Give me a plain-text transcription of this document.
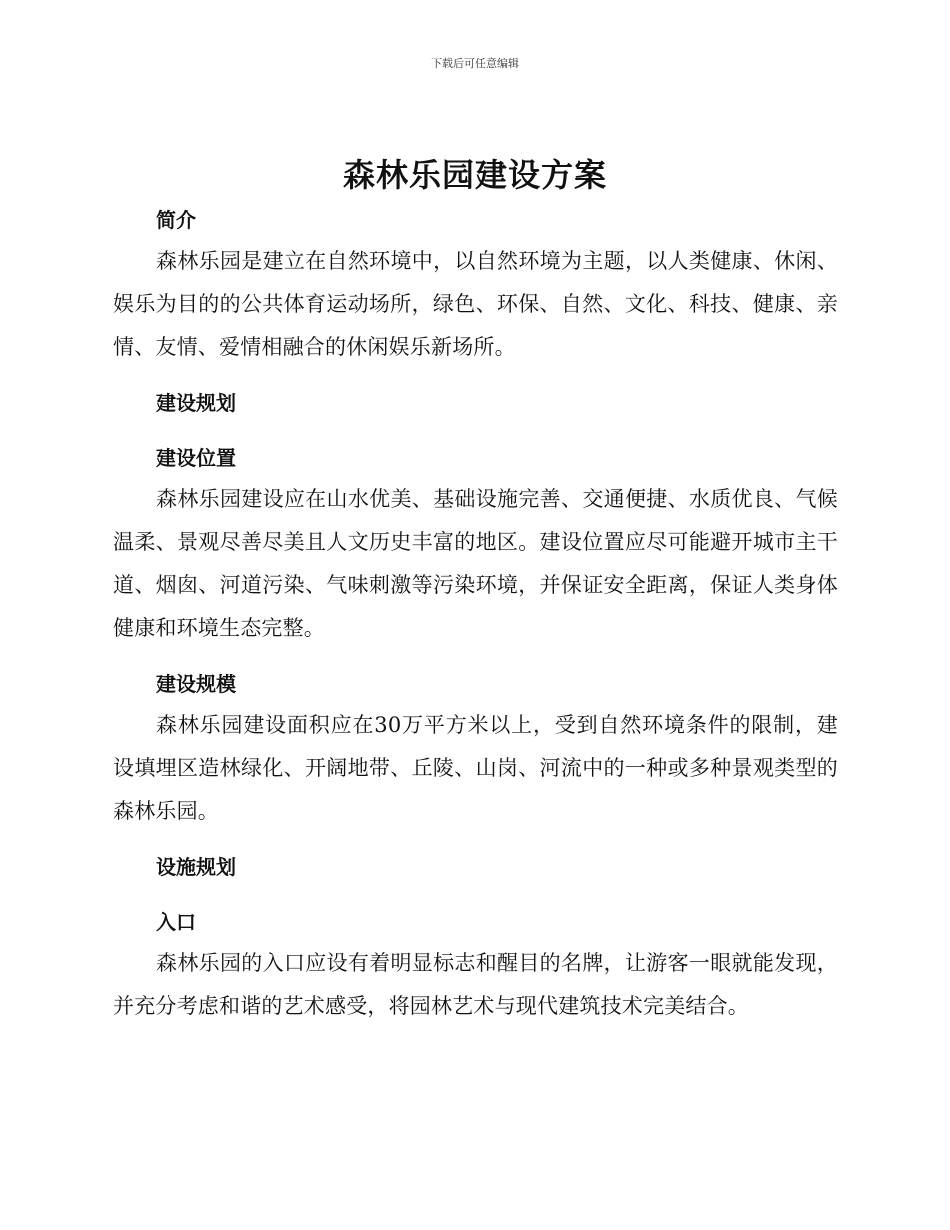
下载后可任意编辑
森林乐园建设方案
简介

森林乐园是建立在自然环境中，以自然环境为主题，以人类健康、休闲、娱乐为目的的公共体育运动场所，绿色、环保、自然、文化、科技、健康、亲情、友情、爱情相融合的休闲娱乐新场所。

建设规划
建设位置

森林乐园建设应在山水优美、基础设施完善、交通便捷、水质优良、气候温柔、景观尽善尽美且人文历史丰富的地区。建设位置应尽可能避开城市主干道、烟囱、河道污染、气味刺激等污染环境，并保证安全距离，保证人类身体健康和环境生态完整。

建设规模

森林乐园建设面积应在30万平方米以上，受到自然环境条件的限制，建设填埋区造林绿化、开阔地带、丘陵、山岗、河流中的一种或多种景观类型的森林乐园。

设施规划
入口

森林乐园的入口应设有着明显标志和醒目的名牌，让游客一眼就能发现，并充分考虑和谐的艺术感受，将园林艺术与现代建筑技术完美结合。
